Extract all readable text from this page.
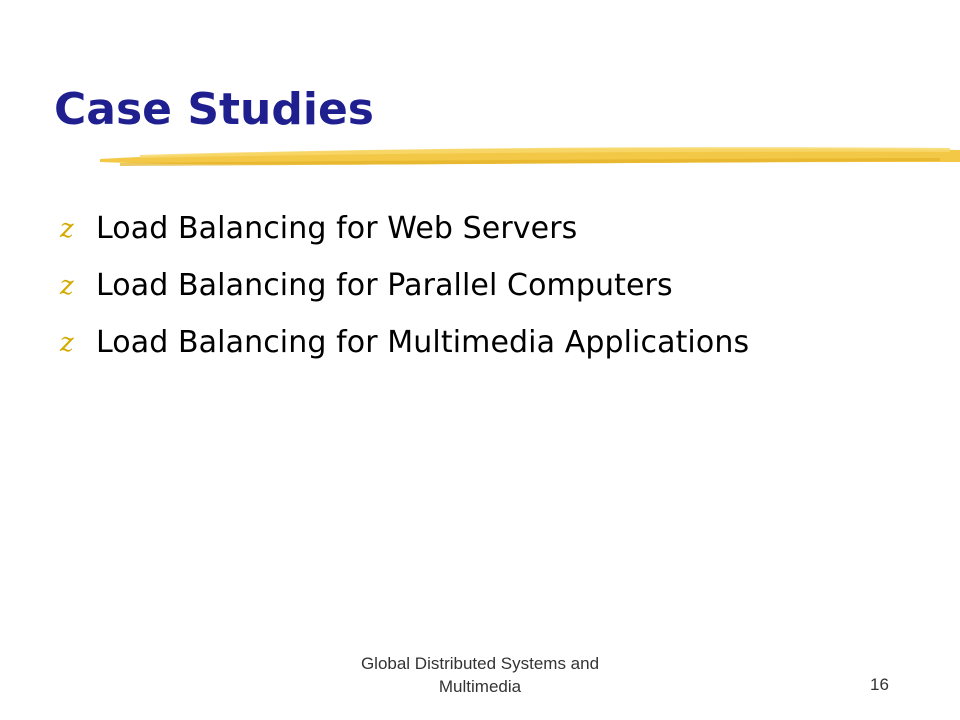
Case Studies
z Load Balancing for Web Servers
z Load Balancing for Parallel Computers
z Load Balancing for Multimedia Applications
Global Distributed Systems and
Multimedia	16
